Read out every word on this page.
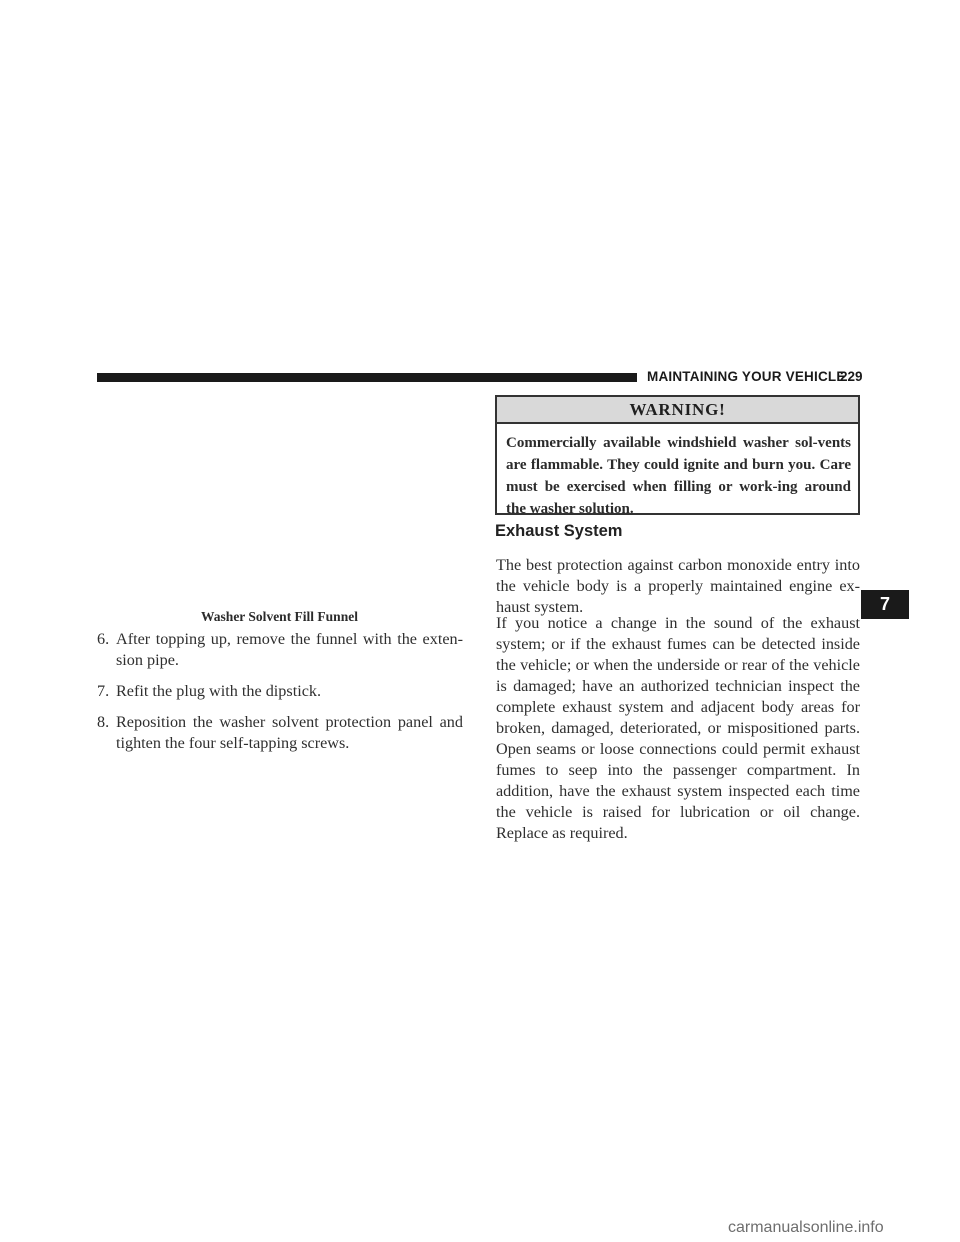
MAINTAINING YOUR VEHICLE
229
Washer Solvent Fill Funnel
6. After topping up, remove the funnel with the exten-sion pipe.
7. Refit the plug with the dipstick.
8. Reposition the washer solvent protection panel and tighten the four self-tapping screws.
WARNING!
Commercially available windshield washer sol-vents are flammable. They could ignite and burn you. Care must be exercised when filling or work-ing around the washer solution.
Exhaust System

The best protection against carbon monoxide entry into the vehicle body is a properly maintained engine ex-haust system.

If you notice a change in the sound of the exhaust system; or if the exhaust fumes can be detected inside the vehicle; or when the underside or rear of the vehicle is damaged; have an authorized technician inspect the complete exhaust system and adjacent body areas for broken, damaged, deteriorated, or mispositioned parts. Open seams or loose connections could permit exhaust fumes to seep into the passenger compartment. In addition, have the exhaust system inspected each time the vehicle is raised for lubrication or oil change. Replace as required.

7
carmanualsonline.info
